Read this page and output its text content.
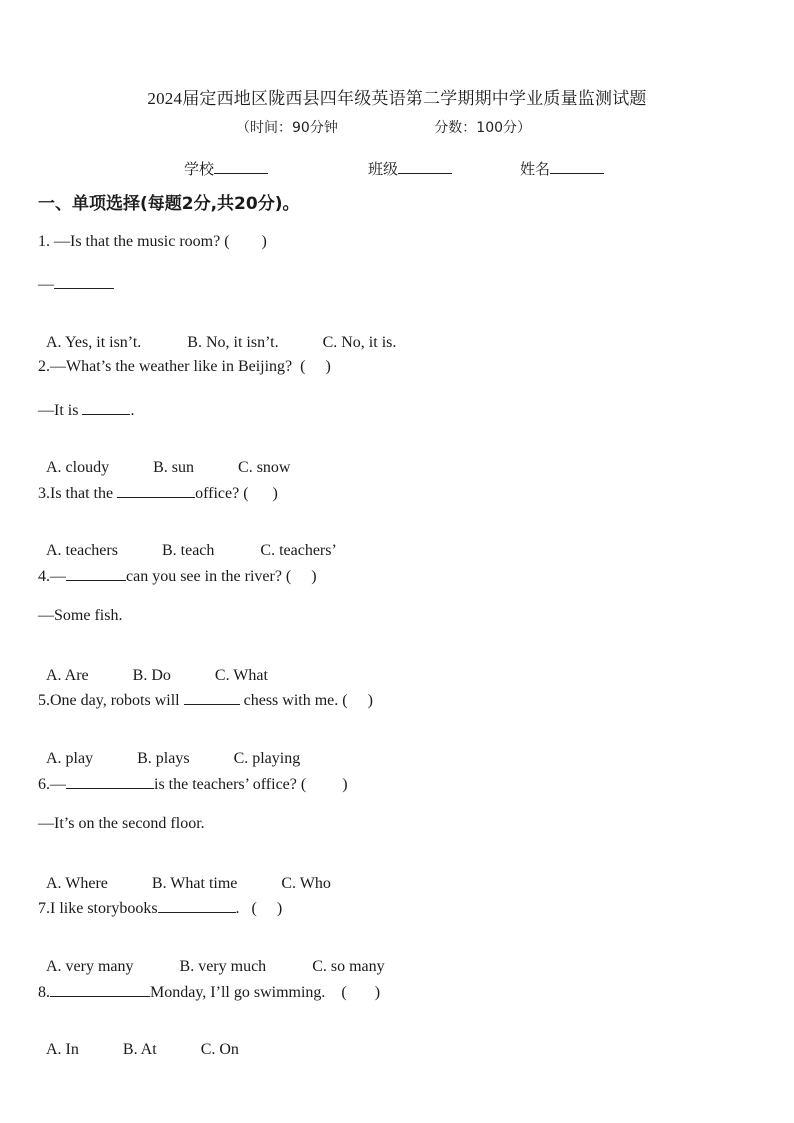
2024届定西地区陇西县四年级英语第二学期期中学业质量监测试题
（时间：90分钟	分数：100分）
学校	班级	姓名
一、单项选择(每题2分,共20分)。
1. —Is that the music room? (        )
—

A. Yes, it isn’t.	B. No, it isn’t.	C. No, it is.

2.—What’s the weather like in Beijing?  (     )
—It is	.

A. cloudy	B. sun	C. snow

3.Is that the	office? (      )

A. teachers	B. teach	C. teachers’

4.—	can you see in the river? (     )
—Some fish.

A. Are	B. Do	C. What

5.One day, robots will	chess with me. (     )

A. play	B. plays	C. playing

6.—	is the teachers’ office? (         )
—It’s on the second floor.

A. Where	B. What time	C. Who

7.I like storybooks	.   (     )

A. very many	B. very much	C. so many

8.	Monday, I’ll go swimming.    (       )

A. In	B. At	C. On
